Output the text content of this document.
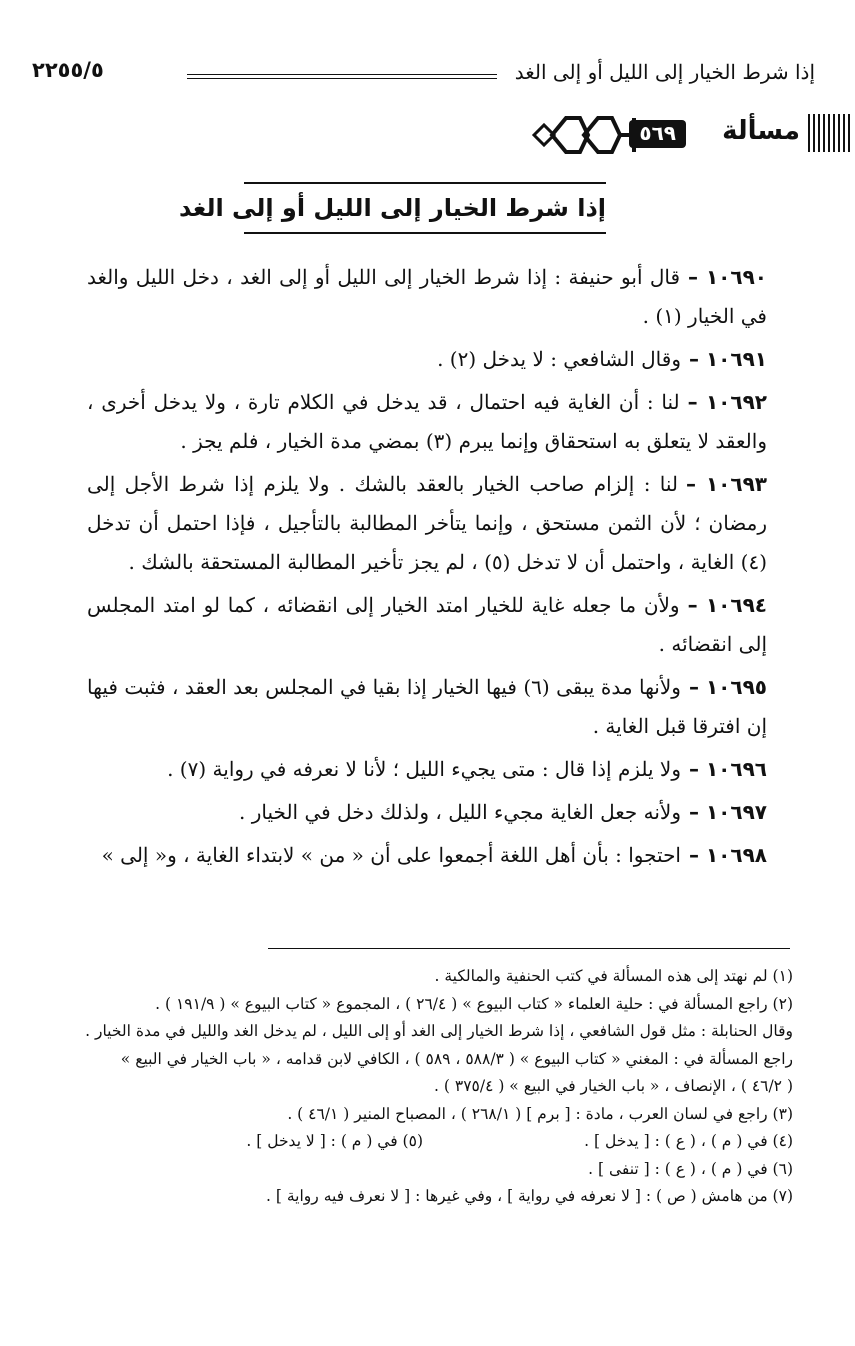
إذا شرط الخيار إلى الليل أو إلى الغد
٢٢٥٥/٥
مسألة
٥٦٩
إذا شرط الخيار إلى الليل أو إلى الغد

١٠٦٩٠ –قال أبو حنيفة : إذا شرط الخيار إلى الليل أو إلى الغد ، دخل الليل والغد في الخيار (١) .

١٠٦٩١ –وقال الشافعي : لا يدخل (٢) .

١٠٦٩٢ –لنا : أن الغاية فيه احتمال ، قد يدخل في الكلام تارة ، ولا يدخل أخرى ، والعقد لا يتعلق به استحقاق وإنما يبرم (٣) بمضي مدة الخيار ، فلم يجز .

١٠٦٩٣ –لنا : إلزام صاحب الخيار بالعقد بالشك . ولا يلزم إذا شرط الأجل إلى رمضان ؛ لأن الثمن مستحق ، وإنما يتأخر المطالبة بالتأجيل ، فإذا احتمل أن تدخل (٤) الغاية ، واحتمل أن لا تدخل (٥) ، لم يجز تأخير المطالبة المستحقة بالشك .

١٠٦٩٤ –ولأن ما جعله غاية للخيار امتد الخيار إلى انقضائه ، كما لو امتد المجلس إلى انقضائه .

١٠٦٩٥ –ولأنها مدة يبقى (٦) فيها الخيار إذا بقيا في المجلس بعد العقد ، فثبت فيها إن افترقا قبل الغاية .

١٠٦٩٦ –ولا يلزم إذا قال : متى يجيء الليل ؛ لأنا لا نعرفه في رواية (٧) .

١٠٦٩٧ –ولأنه جعل الغاية مجيء الليل ، ولذلك دخل في الخيار .

١٠٦٩٨ –احتجوا : بأن أهل اللغة أجمعوا على أن « من » لابتداء الغاية ، و« إلى »

(١) لم نهتد إلى هذه المسألة في كتب الحنفية والمالكية .

(٢) راجع المسألة في : حلية العلماء « كتاب البيوع » ( ٢٦/٤ ) ، المجموع « كتاب البيوع » ( ١٩١/٩ ) .

وقال الحنابلة : مثل قول الشافعي ، إذا شرط الخيار إلى الغد أو إلى الليل ، لم يدخل الغد والليل في مدة الخيار .

راجع المسألة في : المغني « كتاب البيوع » ( ٥٨٨/٣ ، ٥٨٩ ) ، الكافي لابن قدامه ، « باب الخيار في البيع »

( ٤٦/٢ ) ، الإنصاف ، « باب الخيار في البيع » ( ٣٧٥/٤ ) .

(٣) راجع في لسان العرب ، مادة : [ برم ] ( ٢٦٨/١ ) ، المصباح المنير ( ٤٦/١ ) .

(٤) في ( م ) ، ( ع ) : [ يدخل ] .

(٥) في ( م ) : [ لا يدخل ] .

(٦) في ( م ) ، ( ع ) : [ تنفى ] .

(٧) من هامش ( ص ) : [ لا نعرفه في رواية ] ، وفي غيرها : [ لا نعرف فيه رواية ] .
